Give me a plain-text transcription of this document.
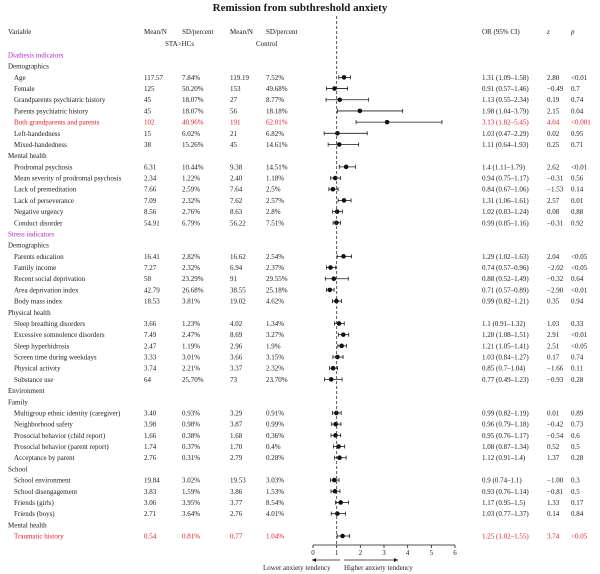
Remission from subthreshold anxiety
Variable	Mean/N SD/percent Mean/N SD/percent	OR (95% CI)	z	p
STA>HCs	Control
Diathesis indicators
Demographics
Age	117.57	7.84%	119.19 7.52%	1.31 (1.09–1.58)	2.80 <0.01
Female	125	50.20%	153	49.68%	0.91 (0.57–1.46)	−0.49 0.7
Grandparents psychiatric history	45	18.07%	27	8.77%	1.13 (0.55–2.34)	0.19 0.74
Parents psychiatric history	45	18.07%	56	18.18%	1.98 (1.04–3.79)	2.15 0.04
Both grandparents and parents	102	40.96%	191	62.01%	3.13 (1.82–5.45)	4.04 <0.001
Left-handedness	15	6.02%	21	6.82%	1.03 (0.47–2.29)	0.02 0.95
Mixed-handedness	38	15.26%	45	14.61%	1.11 (0.64–1.93)	0.25 0.71
Mental health
Prodromal psychosis	6.31	10.44%	9.38	14.51%	1.4 (1.11–1.79)	2.62 <0.01
Mean severity of prodromal psychosis	2.34	1.22%	2.40	1.18%	0.94 (0.75–1.17)	−0.31 0.56
Lack of premeditation	7.66	2.59%	7.64	2.5%	0.84 (0.67–1.06)	−1.53 0.14
Lack of perseverance	7.09	2.32%	7.62	2.57%	1.31 (1.06–1.61)	2.57 0.01
Negative urgency	8.56	2.76%	8.63	2.8%	1.02 (0.83–1.24)	0.08 0.88
Conduct disorder	54.91	6.79%	56.22	7.51%	0.99 (0.85–1.16)	−0.31 0.92
Stress indicators
Demographics
Parents education	16.41	2.82%	16.62	2.54%	1.29 (1.02–1.63)	2.04 <0.05
Family income	7.27	2.32%	6.94	2.37%	0.74 (0.57–0.96)	−2.02 <0.05
Recent social deprivation	58	23.29%	91	29.55%	0.88 (0.52–1.49)	−0.32 0.64
Area deprivation index	42.79	26.68%	38.55	25.18%	0.71 (0.57–0.89)	−2.90 <0.01
Body mass index	18.53	3.81%	19.02	4.62%	0.99 (0.82–1.21)	0.35 0.94
Physical health
Sleep breathing disorders	3.66	1.23%	4.02	1.34%	1.1 (0.91–1.32)	1.03 0.33
Excessive somnolence disorders	7.49	2.47%	8.69	3.27%	1.28 (1.08–1.51)	2.91 <0.01
Sleep hyperhidrosis	2.47	1.19%	2.96	1.9%	1.21 (1.05–1.41)	2.51 <0.05
Screen time during weekdays	3.33	3.01%	3.66	3.15%	1.03 (0.84–1.27)	0.17 0.74
Physical activity	3.74	2.21%	3.37	2.32%	0.85 (0.7–1.04)	−1.66 0.11
Substance use	64	25.70%	73	23.70%	0.77 (0.49–1.23)	−0.93 0.28
Environment
Family
Multigroup ethnic identity (caregiver)	3.40	0.93%	3.29	0.91%	0.99 (0.82–1.19)	0.01 0.89
Neighborhood safety	3.98	0.98%	3.87	0.99%	0.96 (0.79–1.18)	−0.42 0.73
Prosocial behavior (child report)	1.66	0.38%	1.68	0.36%	0.95 (0.76–1.17)	−0.54 0.6
Prosocial behavior (parent report)	1.74	0.37%	1.70	0.4%	1.08 (0.87–1.34)	0.52 0.5
Acceptance by parent	2.76	0.31%	2.79	0.28%	1.12 (0.91–1.4)	1.37 0.28
School
School environment	19.84	3.02%	19.53	3.03%	0.9 (0.74–1.1)	−1.00 0.3
School disengagement	3.83	1.59%	3.86	1.53%	0.93 (0.76–1.14)	−0.81 0.5
Friends (girls)	3.06	3.95%	3.77	8.54%	1.17 (0.95–1.5)	1.33 0.17
Friends (boys)	2.71	3.64%	2.76	4.01%	1.03 (0.77–1.37)	0.14 0.84
Mental health
Traumatic history	0.54	0.81%	0.77	1.04%	1.25 (1.02–1.55)	3.74 <0.05
0	1	2	3	4	5	6
Lower anxiety tendency Higher anxiety tendency
